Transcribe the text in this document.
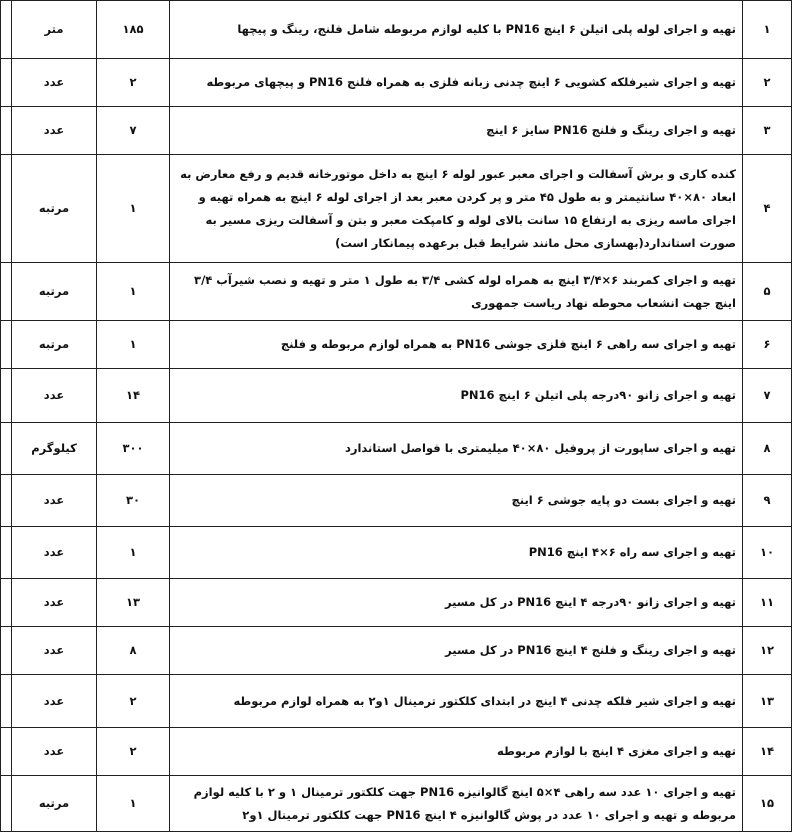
۱	تهیه و اجرای لوله پلی اتیلن ۶ اینچ PN16 با کلیه لوازم مربوطه شامل فلنج، رینگ و پیچها	۱۸۵	متر	
۲	تهیه و اجرای شیرفلکه کشویی ۶ اینچ چدنی زبانه فلزی به همراه فلنج PN16 و پیچهای مربوطه	۲	عدد	
۳	تهیه و اجرای رینگ و فلنج PN16 سایز ۶ اینچ	۷	عدد	
۴	کنده کاری و برش آسفالت و اجرای معبر عبور لوله ۶ اینچ به داخل موتورخانه قدیم و رفع معارض به ابعاد ۸۰×۴۰ سانتیمتر و به طول ۴۵ متر و پر کردن معبر بعد از اجرای لوله ۶ اینچ به همراه تهیه و اجرای ماسه ریزی به ارتفاع ۱۵ سانت بالای لوله و کامپکت معبر و بتن و آسفالت ریزی مسیر به صورت استاندارد(بهسازی محل مانند شرایط قبل برعهده پیمانکار است)	۱	مرتبه	
۵	تهیه و اجرای کمربند ۶×۳/۴ اینچ به همراه لوله کشی ۳/۴ به طول ۱ متر و تهیه و نصب شیرآب ۳/۴ اینچ جهت انشعاب محوطه نهاد ریاست جمهوری	۱	مرتبه	
۶	تهیه و اجرای سه راهی ۶ اینچ فلزی جوشی PN16 به همراه لوازم مربوطه و فلنج	۱	مرتبه	
۷	تهیه و اجرای زانو ۹۰درجه پلی اتیلن ۶ اینچ PN16	۱۴	عدد	
۸	تهیه و اجرای ساپورت از پروفیل ۸۰×۴۰ میلیمتری با فواصل استاندارد	۳۰۰	کیلوگرم	
۹	تهیه و اجرای بست دو پایه جوشی ۶ اینچ	۳۰	عدد	
۱۰	تهیه و اجرای سه راه ۶×۴ اینچ PN16	۱	عدد	
۱۱	تهیه و اجرای زانو ۹۰درجه ۴ اینچ PN16 در کل مسیر	۱۳	عدد	
۱۲	تهیه و اجرای رینگ و فلنج ۴ اینچ PN16 در کل مسیر	۸	عدد	
۱۳	تهیه و اجرای شیر فلکه چدنی ۴ اینچ در ابتدای کلکتور ترمینال ۱و۲ به همراه لوازم مربوطه	۲	عدد	
۱۴	تهیه و اجرای مغزی ۴ اینچ با لوازم مربوطه	۲	عدد	
۱۵	تهیه و اجرای ۱۰ عدد سه راهی ۴×۵ اینچ گالوانیزه PN16 جهت کلکتور ترمینال ۱ و ۲ با کلیه لوازم مربوطه و تهیه و اجرای ۱۰ عدد در پوش گالوانیزه ۴ اینچ PN16 جهت کلکتور ترمینال ۱و۲	۱	مرتبه	
